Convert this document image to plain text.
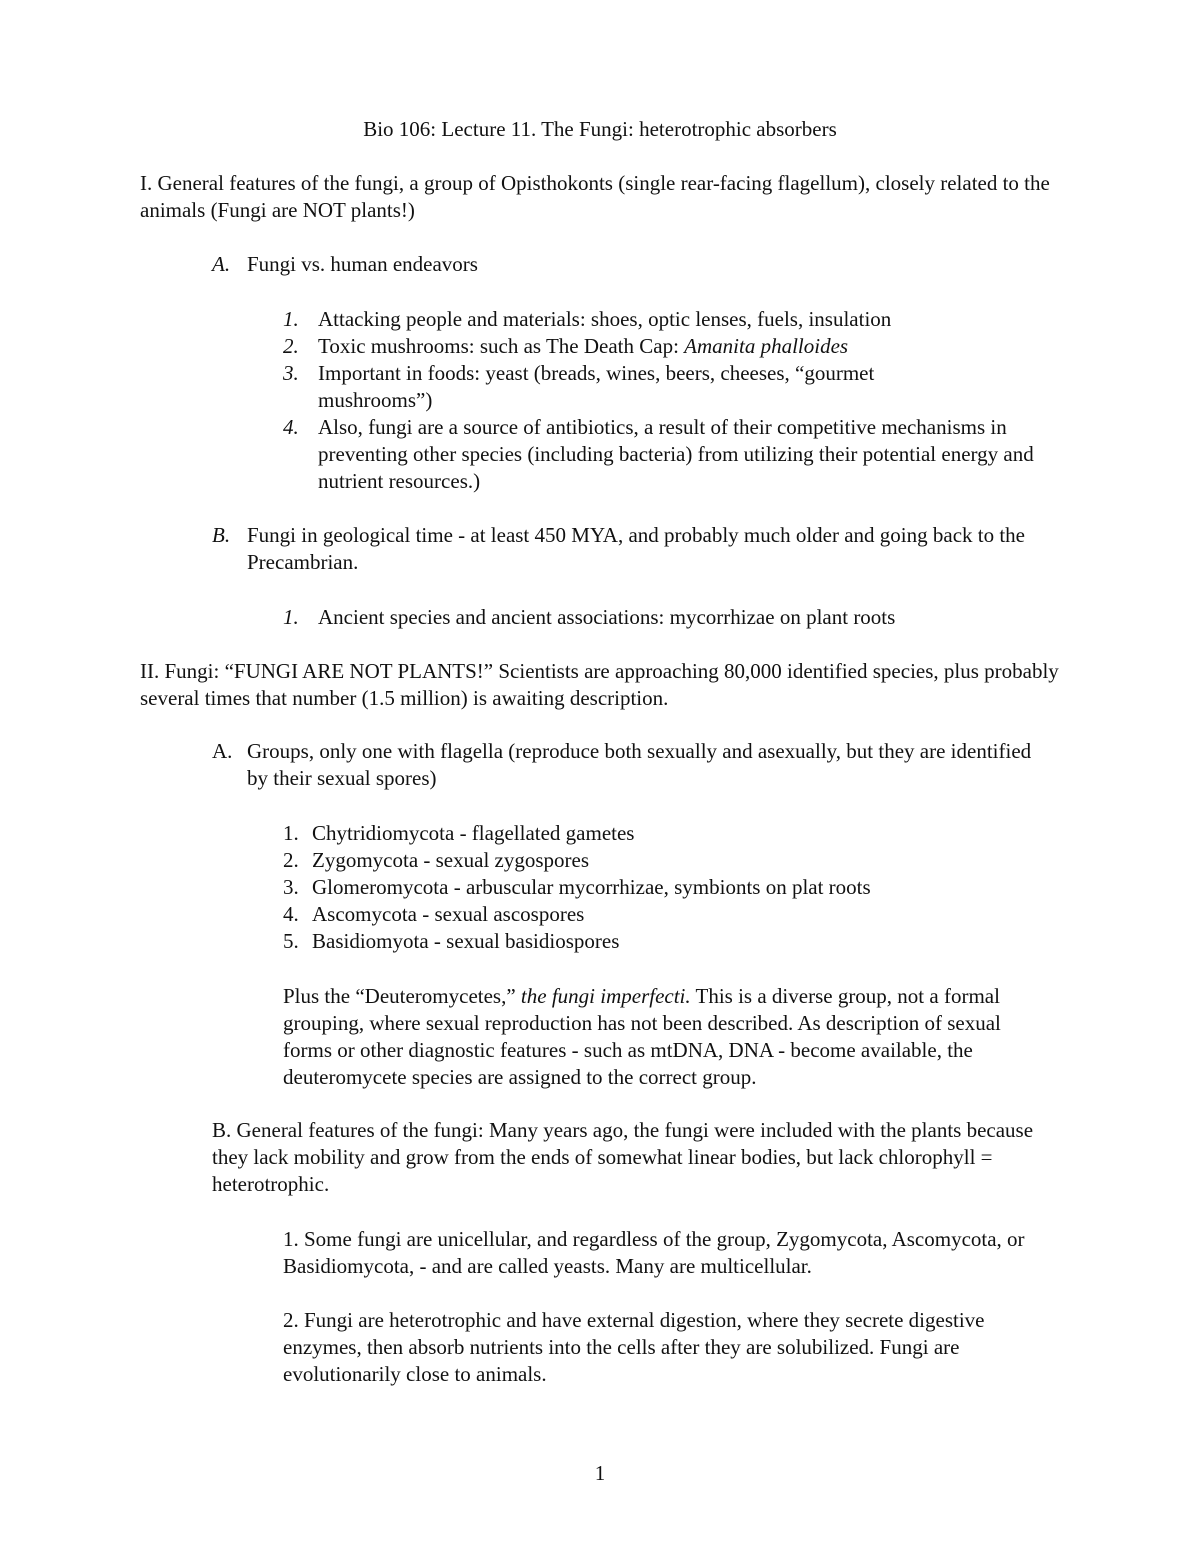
Bio 106: Lecture 11. The Fungi: heterotrophic absorbers

I. General features of the fungi, a group of Opisthokonts (single rear-facing flagellum), closely related to the animals (Fungi are NOT plants!)

A. Fungi vs. human endeavors

1. Attacking people and materials: shoes, optic lenses, fuels, insulation

2. Toxic mushrooms: such as The Death Cap: Amanita phalloides

3. Important in foods: yeast (breads, wines, beers, cheeses, “gourmet mushrooms”)

4. Also, fungi are a source of antibiotics, a result of their competitive mechanisms in preventing other species (including bacteria) from utilizing their potential energy and nutrient resources.)

B. Fungi in geological time - at least 450 MYA, and probably much older and going back to the Precambrian.

1. Ancient species and ancient associations: mycorrhizae on plant roots

II. Fungi: “FUNGI ARE NOT PLANTS!” Scientists are approaching 80,000 identified species, plus probably several times that number (1.5 million) is awaiting description.

A. Groups, only one with flagella (reproduce both sexually and asexually, but they are identified by their sexual spores)

1. Chytridiomycota - flagellated gametes

2. Zygomycota - sexual zygospores

3. Glomeromycota - arbuscular mycorrhizae, symbionts on plat roots

4. Ascomycota - sexual ascospores

5. Basidiomyota - sexual basidiospores

Plus the “Deuteromycetes,” the fungi imperfecti. This is a diverse group, not a formal grouping, where sexual reproduction has not been described. As description of sexual forms or other diagnostic features - such as mtDNA, DNA - become available, the deuteromycete species are assigned to the correct group.

B. General features of the fungi: Many years ago, the fungi were included with the plants because they lack mobility and grow from the ends of somewhat linear bodies, but lack chlorophyll = heterotrophic.

1. Some fungi are unicellular, and regardless of the group, Zygomycota, Ascomycota, or Basidiomycota, - and are called yeasts. Many are multicellular.

2. Fungi are heterotrophic and have external digestion, where they secrete digestive enzymes, then absorb nutrients into the cells after they are solubilized. Fungi are evolutionarily close to animals.

1
